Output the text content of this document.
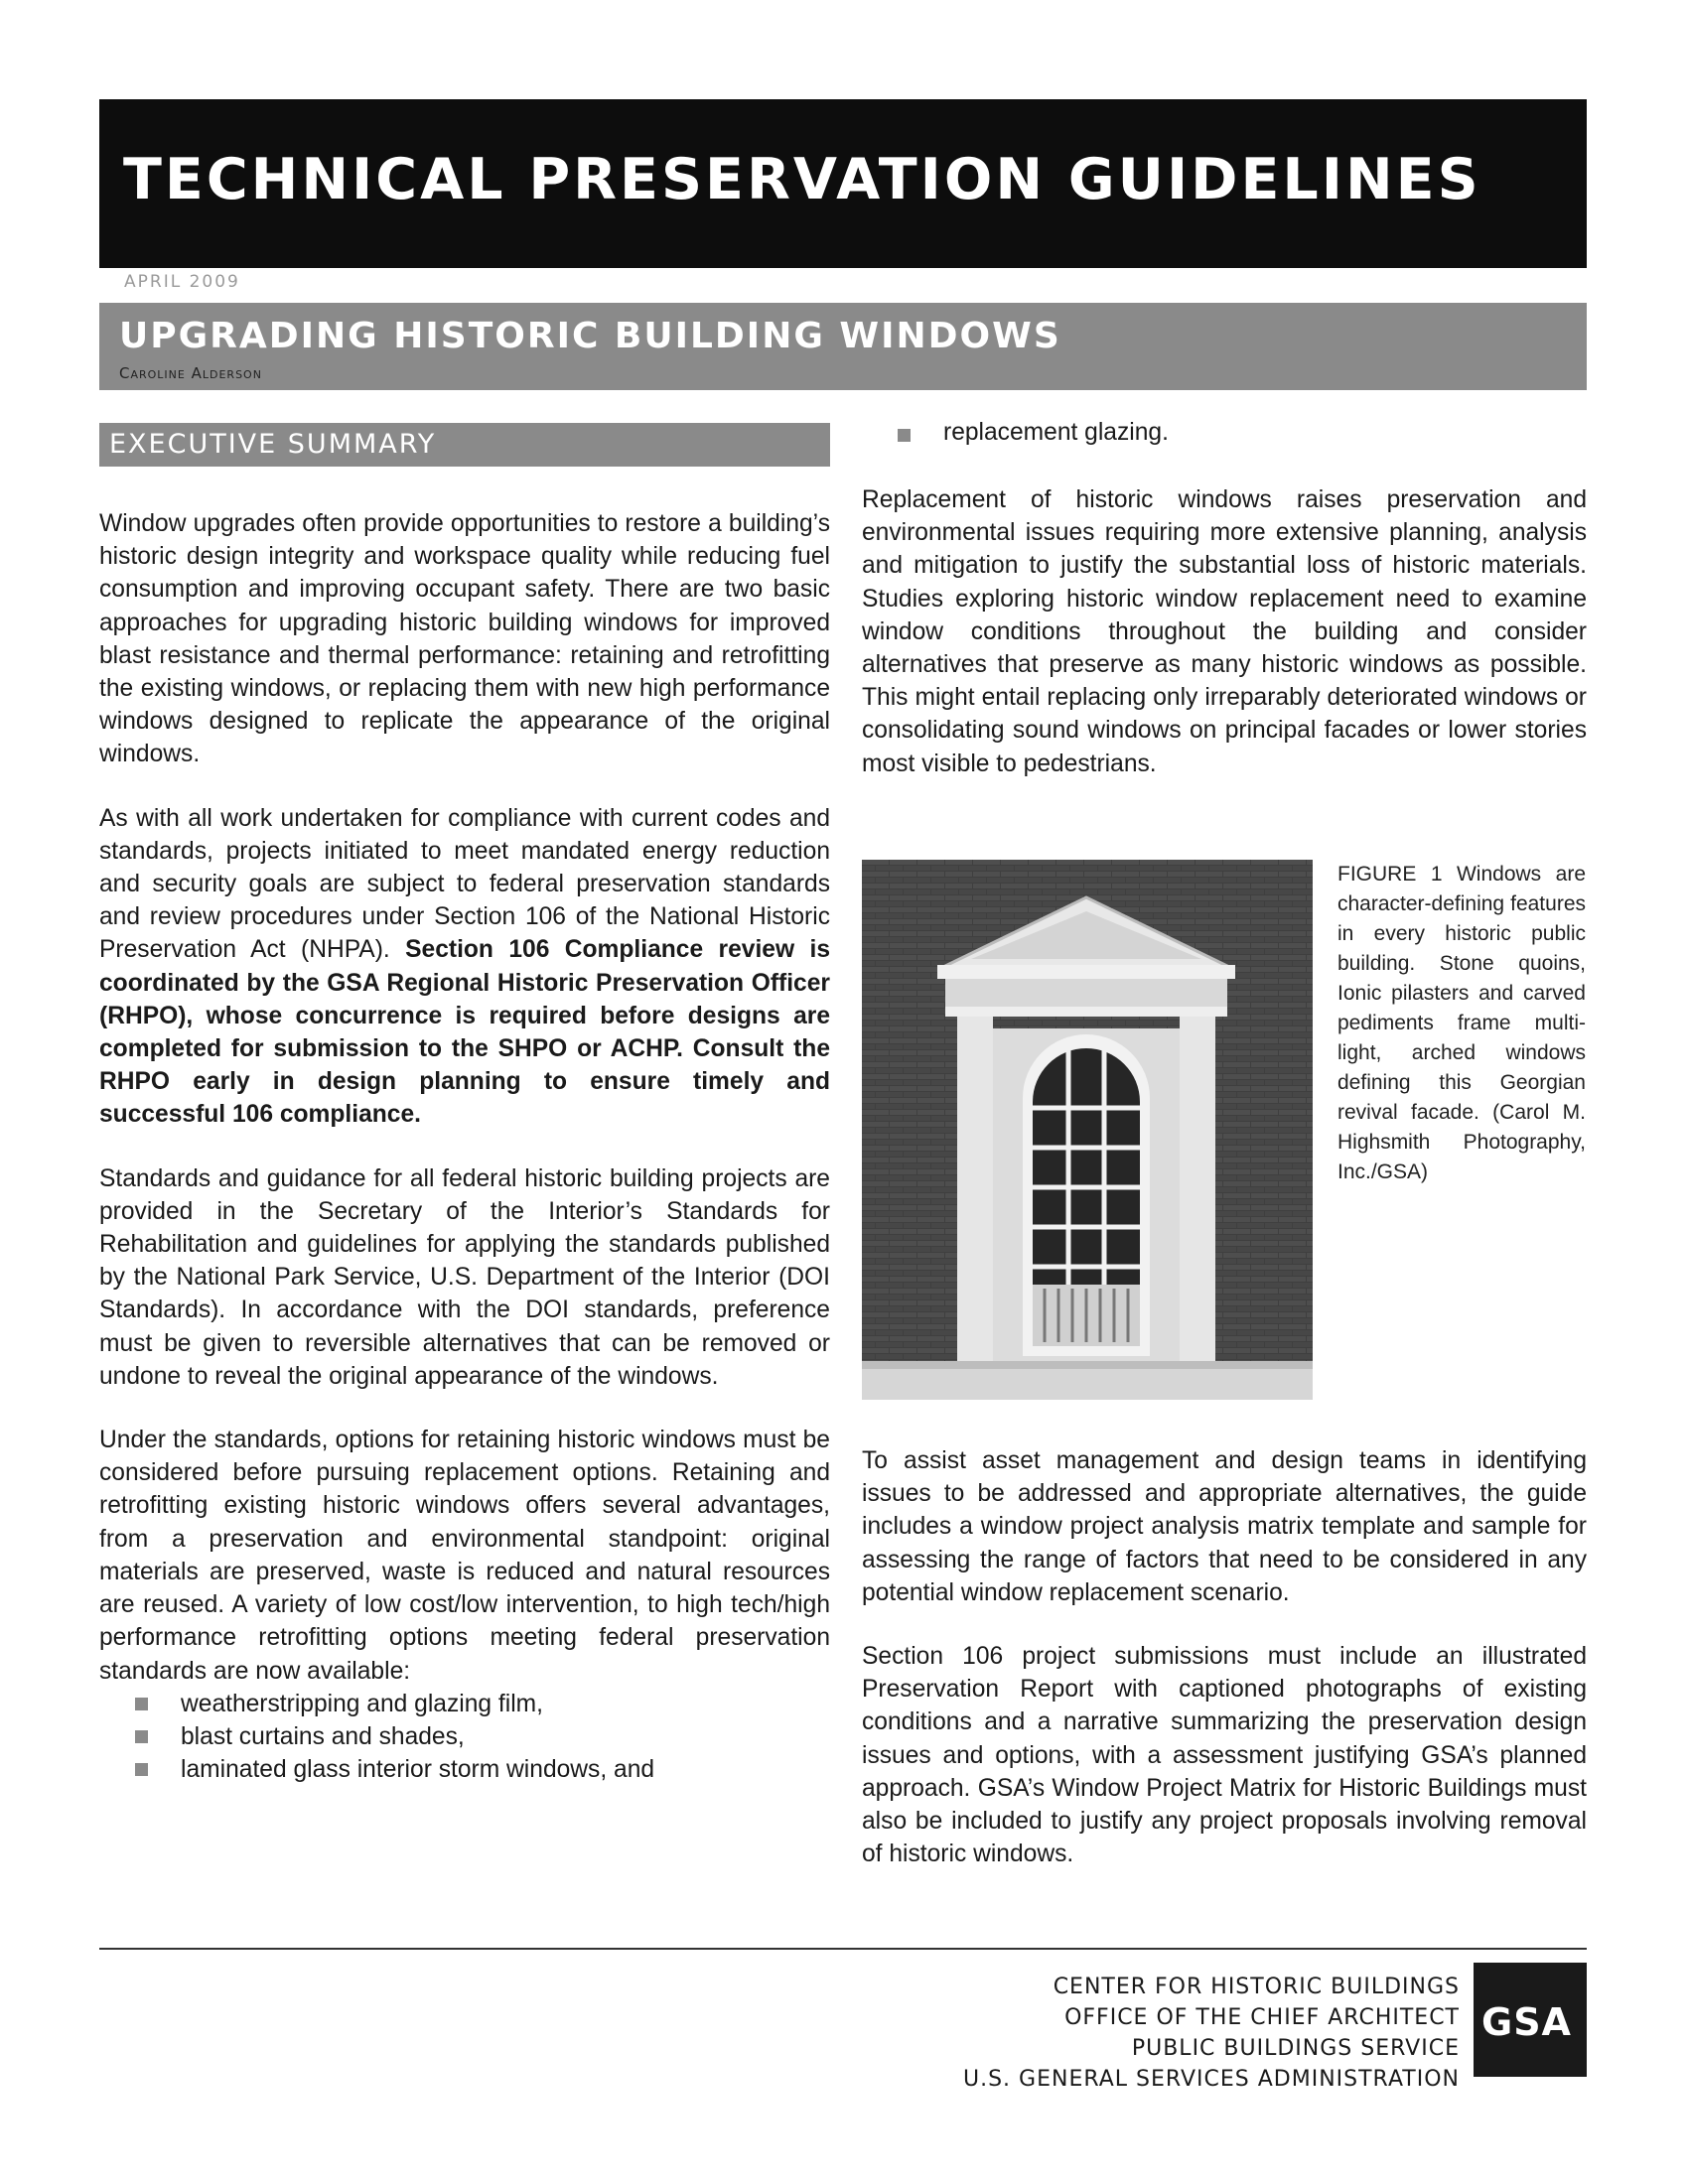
TECHNICAL PRESERVATION GUIDELINES
APRIL 2009
UPGRADING HISTORIC BUILDING WINDOWS
Caroline Alderson
EXECUTIVE SUMMARY

Window upgrades often provide opportunities to restore a building’s historic design integrity and workspace quality while reducing fuel consumption and improving occupant safety. There are two basic approaches for upgrading historic building windows for improved blast resistance and thermal performance: retaining and retrofitting the existing windows, or replacing them with new high performance windows designed to replicate the appearance of the original windows.

As with all work undertaken for compliance with current codes and standards, projects initiated to meet mandated energy reduction and security goals are subject to federal preservation standards and review procedures under Section 106 of the National Historic Preservation Act (NHPA). Section 106 Compliance review is coordinated by the GSA Regional Historic Preservation Officer (RHPO), whose concurrence is required before designs are completed for submission to the SHPO or ACHP. Consult the RHPO early in design planning to ensure timely and successful 106 compliance.

Standards and guidance for all federal historic building projects are provided in the Secretary of the Interior’s Standards for Rehabilitation and guidelines for applying the standards published by the National Park Service, U.S. Department of the Interior (DOI Standards). In accordance with the DOI standards, preference must be given to reversible alternatives that can be removed or undone to reveal the original appearance of the windows.

Under the standards, options for retaining historic windows must be considered before pursuing replacement options. Retaining and retrofitting existing historic windows offers several advantages, from a preservation and environmental standpoint: original materials are preserved, waste is reduced and natural resources are reused. A variety of low cost/low intervention, to high tech/high performance retrofitting options meeting federal preservation standards are now available:

weatherstripping and glazing film,
blast curtains and shades,
laminated glass interior storm windows, and
replacement glazing.

Replacement of historic windows raises preservation and environmental issues requiring more extensive planning, analysis and mitigation to justify the substantial loss of historic materials. Studies exploring historic window replacement need to examine window conditions throughout the building and consider alternatives that preserve as many historic windows as possible. This might entail replacing only irreparably deteriorated windows or consolidating sound windows on principal facades or lower stories most visible to pedestrians.

FIGURE 1 Windows are character-defining features in every historic public building. Stone quoins, Ionic pilasters and carved pediments frame multi-light, arched windows defining this Georgian revival facade. (Carol M. Highsmith Photography, Inc./GSA)

To assist asset management and design teams in identifying issues to be addressed and appropriate alternatives, the guide includes a window project analysis matrix template and sample for assessing the range of factors that need to be considered in any potential window replacement scenario.

Section 106 project submissions must include an illustrated Preservation Report with captioned photographs of existing conditions and a narrative summarizing the preservation design issues and options, with a assessment justifying GSA’s planned approach. GSA’s Window Project Matrix for Historic Buildings must also be included to justify any project proposals involving removal of historic windows.

CENTER FOR HISTORIC BUILDINGS
OFFICE OF THE CHIEF ARCHITECT
PUBLIC BUILDINGS SERVICE
U.S. GENERAL SERVICES ADMINISTRATION
GSA
